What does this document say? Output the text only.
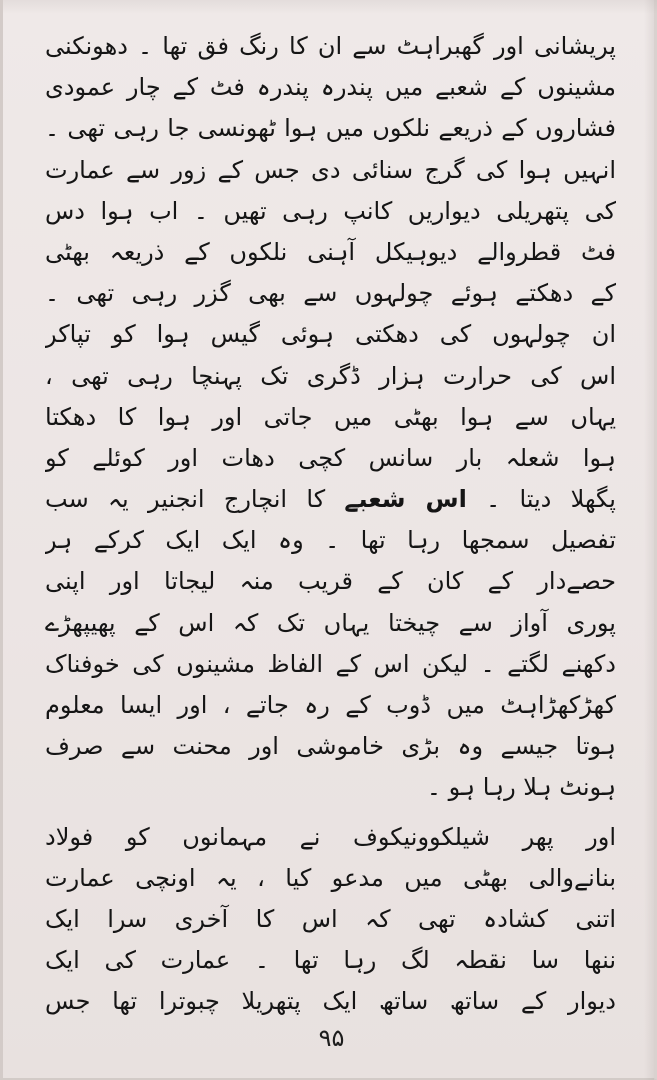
پریشانی اور گھبراہٹ سے ان کا رنگ فق تھا ۔ دھونکنی
مشینوں کے شعبے میں پندرہ پندرہ فٹ کے چار عمودی
فشاروں کے ذریعے نلکوں میں ہوا ٹھونسی جا رہی تھی ۔
انہیں ہوا کی گرج سنائی دی جس کے زور سے عمارت
کی پتھریلی دیواریں کانپ رہی تھیں ۔ اب ہوا دس
فٹ قطروالے دیوہیکل آہنی نلکوں کے ذریعہ بھٹی
کے دھکتے ہوئے چولہوں سے بھی گزر رہی تھی ۔
ان چولہوں کی دھکتی ہوئی گیس ہوا کو تپاکر
اس کی حرارت ہزار ڈگری تک پہنچا رہی تھی ،
یہاں سے ہوا بھٹی میں جاتی اور ہوا کا دھکتا
ہوا شعلہ بار سانس کچی دھات اور کوئلے کو
پگھلا دیتا ۔ اس شعبے کا انچارج انجنیر یہ سب
تفصیل سمجھا رہا تھا ۔ وہ ایک ایک کرکے ہر
حصےدار کے کان کے قریب منہ لیجاتا اور اپنی
پوری آواز سے چیختا یہاں تک کہ اس کے پھیپھڑے
دکھنے لگتے ۔ لیکن اس کے الفاظ مشینوں کی خوفناک
کھڑکھڑاہٹ میں ڈوب کے رہ جاتے ، اور ایسا معلوم
ہوتا جیسے وہ بڑی خاموشی اور محنت سے صرف
ہونٹ ہلا رہا ہو ۔
اور پھر شیلکوونیکوف نے مہمانوں کو فولاد
بنانےوالی بھٹی میں مدعو کیا ، یہ اونچی عمارت
اتنی کشادہ تھی کہ اس کا آخری سرا ایک
ننھا سا نقطہ لگ رہا تھا ۔ عمارت کی ایک
دیوار کے ساتھ ساتھ ایک پتھریلا چبوترا تھا جس
۹۵
